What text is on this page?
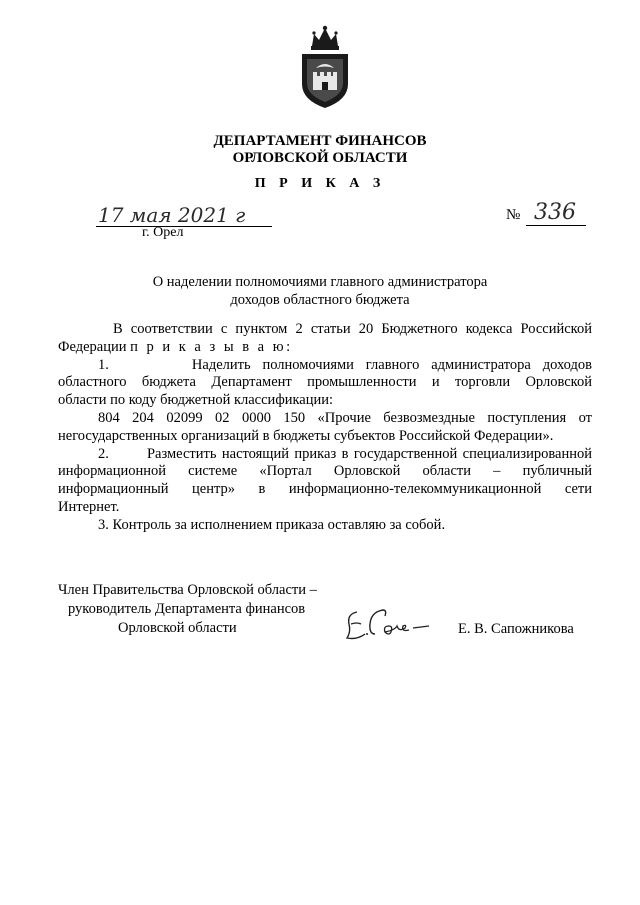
ДЕПАРТАМЕНТ ФИНАНСОВ
ОРЛОВСКОЙ ОБЛАСТИ
П Р И К А З
17 мая 2021 г
г. Орел
№ 336
О наделении полномочиями главного администратора
доходов областного бюджета

В соответствии с пунктом 2 статьи 20 Бюджетного кодекса Российской

Федерации п р и к а з ы в а ю:

1.	Наделить полномочиями главного администратора доходов

областного бюджета Департамент промышленности и торговли Орловской

области по коду бюджетной классификации:

804 204 02099 02 0000 150 «Прочие безвозмездные поступления от

негосударственных организаций в бюджеты субъектов Российской Федерации».

2.	Разместить настоящий приказ в государственной специализированной

информационной системе «Портал Орловской области – публичный

информационный центр» в информационно-телекоммуникационной сети

Интернет.

3. Контроль за исполнением приказа оставляю за собой.

Член Правительства Орловской области –
руководитель Департамента финансов
Орловской области	Е. В. Сапожникова
